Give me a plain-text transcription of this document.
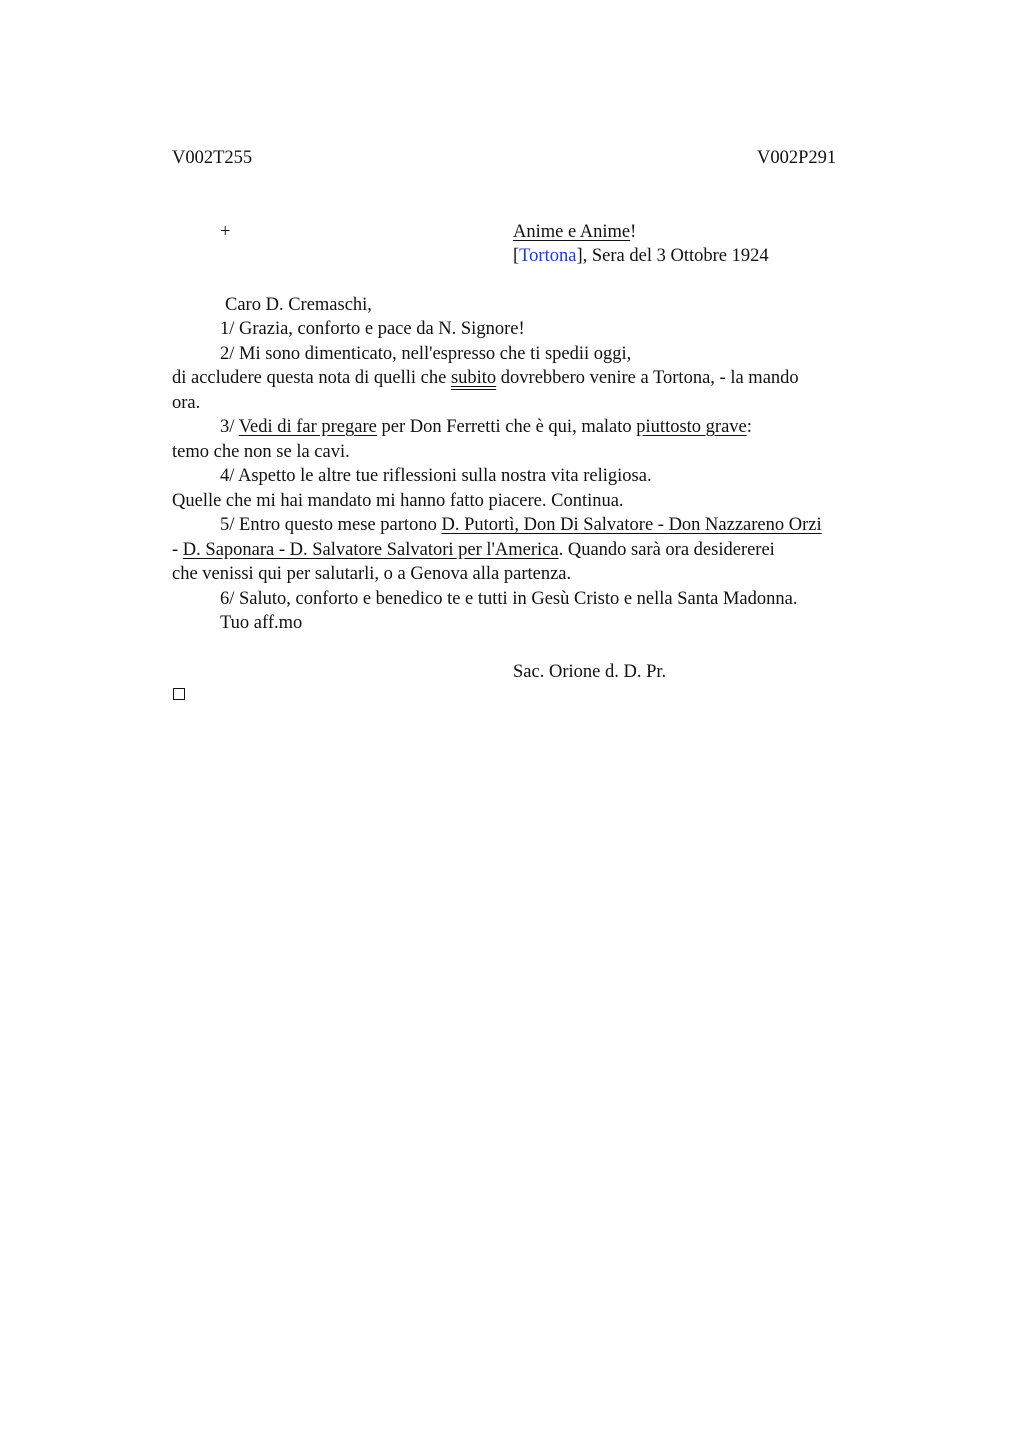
V002T255	V002P291
+	Anime e Anime!
[Tortona], Sera del 3 Ottobre 1924
Caro D. Cremaschi,
1/ Grazia, conforto e pace da N. Signore!
2/ Mi sono dimenticato, nell'espresso che ti spedii oggi,
di accludere questa nota di quelli che subito dovrebbero venire a Tortona, - la mando
ora.
3/ Vedi di far pregare per Don Ferretti che è qui, malato piuttosto grave:
temo che non se la cavi.
4/ Aspetto le altre tue riflessioni sulla nostra vita religiosa.
Quelle che mi hai mandato mi hanno fatto piacere. Continua.
5/ Entro questo mese partono D. Putortì, Don Di Salvatore - Don Nazzareno Orzi
- D. Saponara - D. Salvatore Salvatori per l'America. Quando sarà ora desidererei
che venissi qui per salutarli, o a Genova alla partenza.
6/ Saluto, conforto e benedico te e tutti in Gesù Cristo e nella Santa Madonna.
Tuo aff.mo
Sac. Orione d. D. Pr.
